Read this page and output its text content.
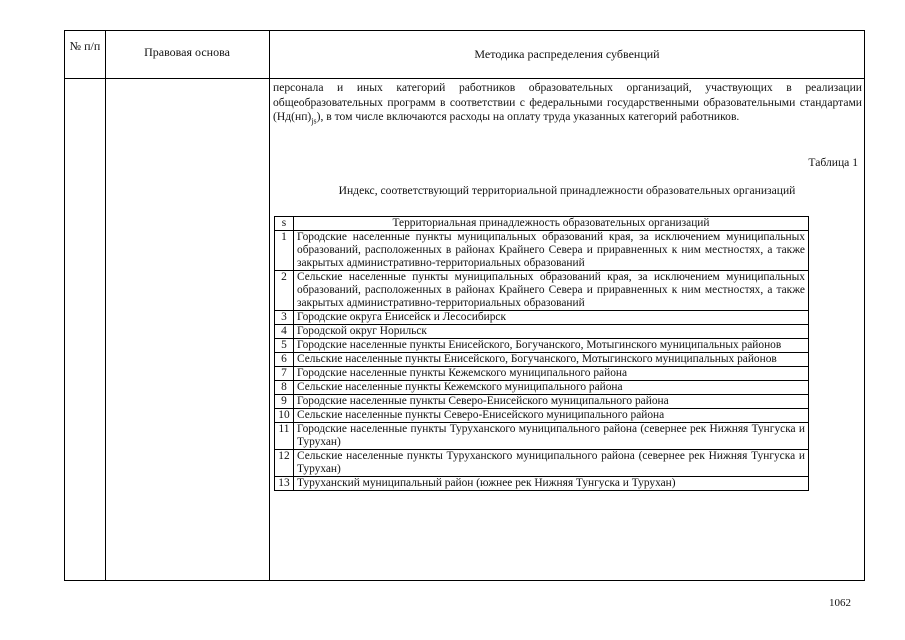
№ п/п	Правовая основа	Методика распределения субвенций
персонала и иных категорий работников образовательных организаций, участвующих в реализации общеобразовательных программ в соответствии с федеральными государственными образовательными стандартами $(Нд(нп)_{js})$, в том числе включаются расходы на оплату труда указанных категорий работников.
Таблица 1
Индекс, соответствующий территориальной принадлежности образовательных организаций
s	Территориальная принадлежность образовательных организаций
1	Городские населенные пункты муниципальных образований края, за исключением муниципальных образований, расположенных в районах Крайнего Севера и приравненных к ним местностях, а также закрытых административно-территориальных образований
2	Сельские населенные пункты муниципальных образований края, за исключением муниципальных образований, расположенных в районах Крайнего Севера и приравненных к ним местностях, а также закрытых административно-территориальных образований
3	Городские округа Енисейск и Лесосибирск
4	Городской округ Норильск
5	Городские населенные пункты Енисейского, Богучанского, Мотыгинского муниципальных районов
6	Сельские населенные пункты Енисейского, Богучанского, Мотыгинского муниципальных районов
7	Городские населенные пункты Кежемского муниципального района
8	Сельские населенные пункты Кежемского муниципального района
9	Городские населенные пункты Северо-Енисейского муниципального района
10	Сельские населенные пункты Северо-Енисейского муниципального района
11	Городские населенные пункты Туруханского муниципального района (севернее рек Нижняя Тунгуска и Турухан)
12	Сельские населенные пункты Туруханского муниципального района (севернее рек Нижняя Тунгуска и Турухан)
13	Туруханский муниципальный район (южнее рек Нижняя Тунгуска и Турухан)
1062
